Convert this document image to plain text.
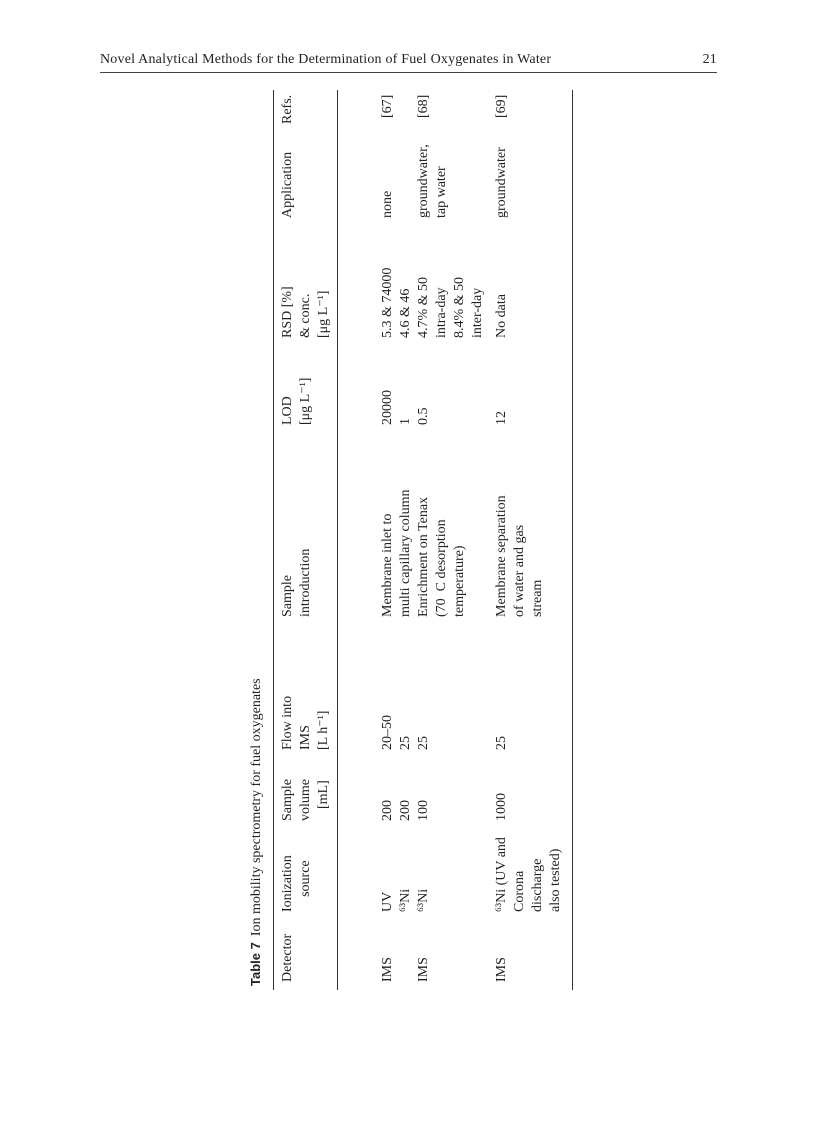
Novel Analytical Methods for the Determination of Fuel Oxygenates in Water	21
Table 7Ion mobility spectrometry for fuel oxygenates
Detector
Ionization source
Sample volume [mL]
Flow into IMS [L h⁻¹]
Sample introduction
LOD [μg L⁻¹]
RSD [%] & conc. [μg L⁻¹]
Application
Refs.
IMS
UV ⁶³Ni
200 200
20–50 25
Membrane inlet to multi capillary column
20000 1
5.3 & 74000 4.6 & 46
none
[67]
IMS
⁶³Ni
100
25
Enrichment on Tenax (70  C desorption temperature)
0.5
4.7% & 50 intra-day 8.4% & 50 inter-day
groundwater, tap water
[68]
IMS
⁶³Ni (UV and Corona discharge also tested)
1000
25
Membrane separation of water and gas stream
12
No data
groundwater
[69]
